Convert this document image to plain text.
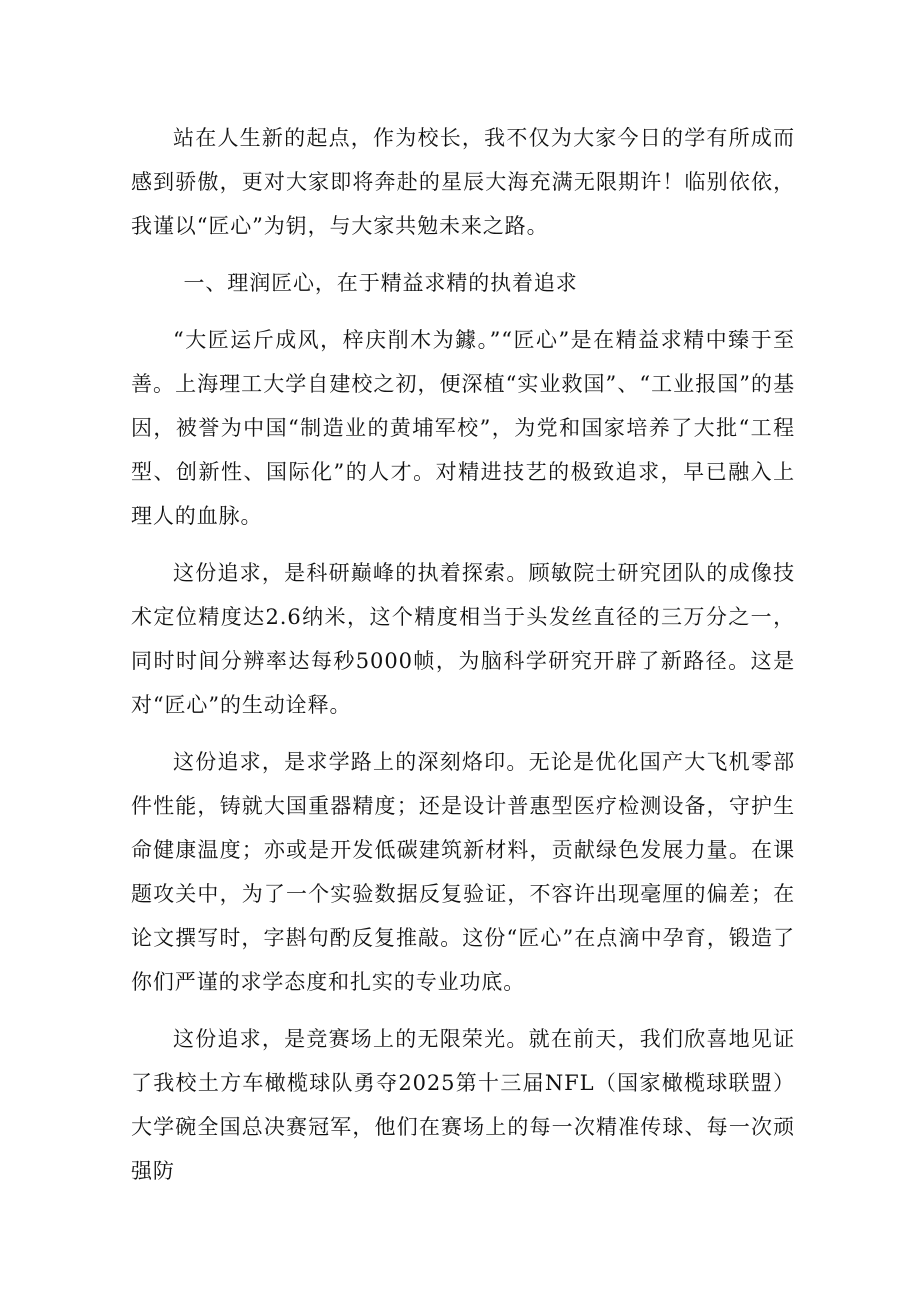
站在人生新的起点，作为校长，我不仅为大家今日的学有所成而感到骄傲，更对大家即将奔赴的星辰大海充满无限期许！临别依依，我谨以“匠心”为钥，与大家共勉未来之路。

一、理润匠心，在于精益求精的执着追求

“大匠运斤成风，梓庆削木为鐻。”“匠心”是在精益求精中臻于至善。上海理工大学自建校之初，便深植“实业救国”、“工业报国”的基因，被誉为中国“制造业的黄埔军校”，为党和国家培养了大批“工程型、创新性、国际化”的人才。对精进技艺的极致追求，早已融入上理人的血脉。

这份追求，是科研巅峰的执着探索。顾敏院士研究团队的成像技术定位精度达2.6纳米，这个精度相当于头发丝直径的三万分之一，同时时间分辨率达每秒5000帧，为脑科学研究开辟了新路径。这是对“匠心”的生动诠释。

这份追求，是求学路上的深刻烙印。无论是优化国产大飞机零部件性能，铸就大国重器精度；还是设计普惠型医疗检测设备，守护生命健康温度；亦或是开发低碳建筑新材料，贡献绿色发展力量。在课题攻关中，为了一个实验数据反复验证，不容许出现毫厘的偏差；在论文撰写时，字斟句酌反复推敲。这份“匠心”在点滴中孕育，锻造了你们严谨的求学态度和扎实的专业功底。

这份追求，是竞赛场上的无限荣光。就在前天，我们欣喜地见证了我校土方车橄榄球队勇夺2025第十三届NFL（国家橄榄球联盟）大学碗全国总决赛冠军，他们在赛场上的每一次精准传球、每一次顽强防
